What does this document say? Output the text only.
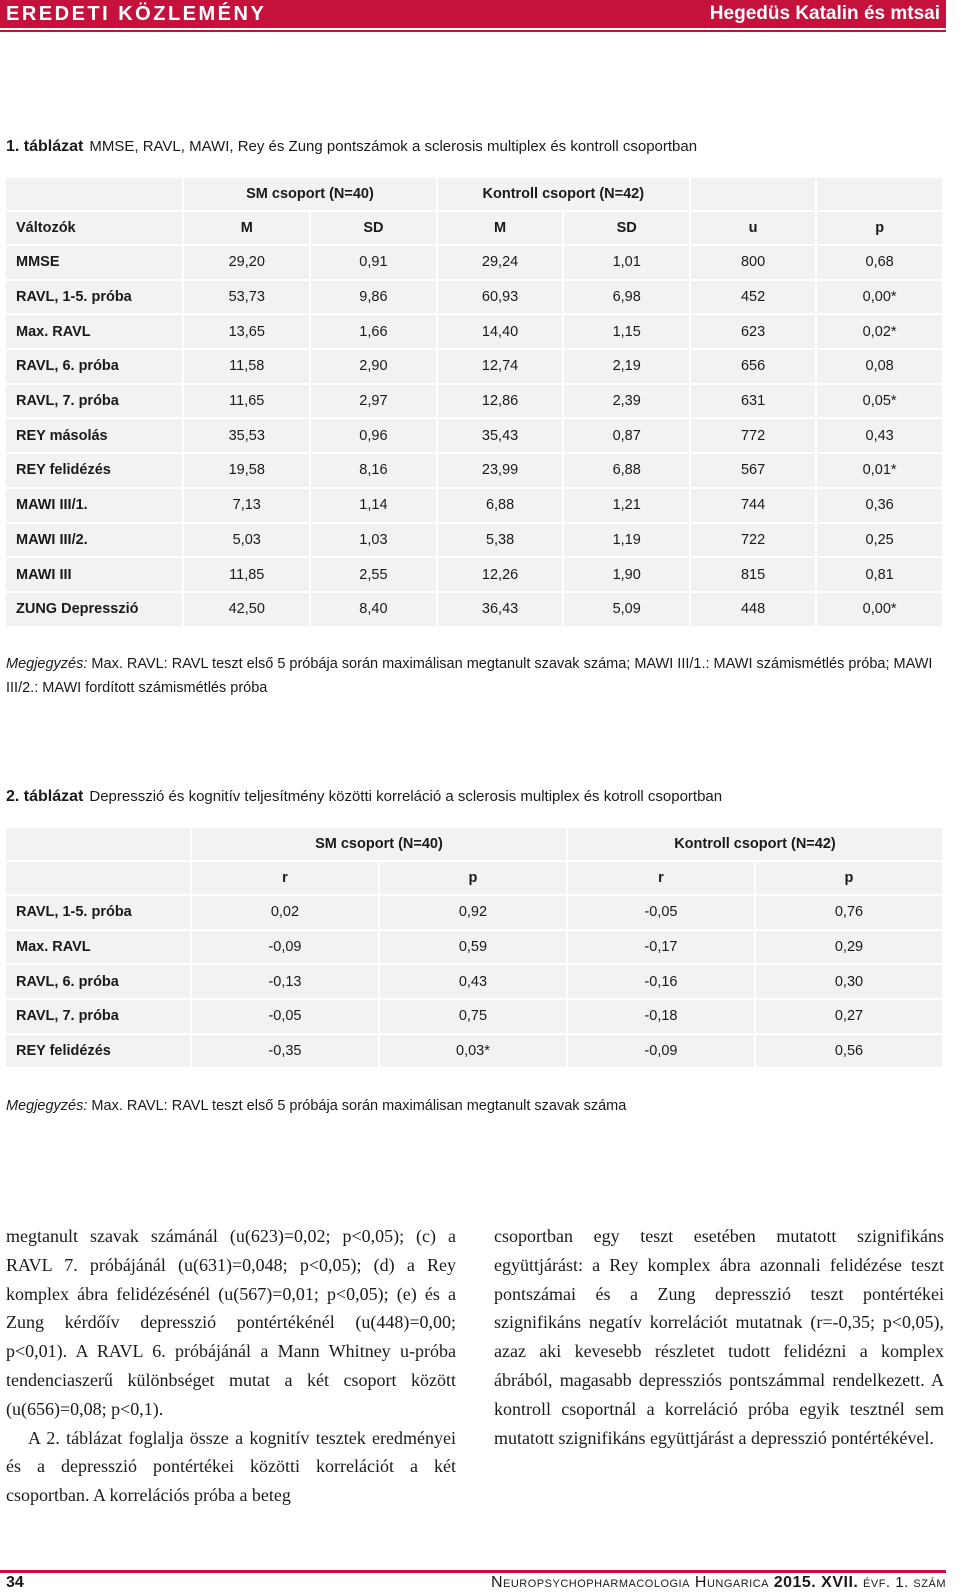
EREDETI KÖZLEMÉNY	Hegedüs Katalin és mtsai
1. táblázat MMSE, RAVL, MAWI, Rey és Zung pontszámok a sclerosis multiplex és kontroll csoportban
	SM csoport (N=40)		Kontroll csoport (N=42)			
Változók	M	SD	M	SD	u	p
MMSE	29,20	0,91	29,24	1,01	800	0,68
RAVL, 1-5. próba	53,73	9,86	60,93	6,98	452	0,00*
Max. RAVL	13,65	1,66	14,40	1,15	623	0,02*
RAVL, 6. próba	11,58	2,90	12,74	2,19	656	0,08
RAVL, 7. próba	11,65	2,97	12,86	2,39	631	0,05*
REY másolás	35,53	0,96	35,43	0,87	772	0,43
REY felidézés	19,58	8,16	23,99	6,88	567	0,01*
MAWI III/1.	7,13	1,14	6,88	1,21	744	0,36
MAWI III/2.	5,03	1,03	5,38	1,19	722	0,25
MAWI III	11,85	2,55	12,26	1,90	815	0,81
ZUNG Depresszió	42,50	8,40	36,43	5,09	448	0,00*
Megjegyzés: Max. RAVL: RAVL teszt első 5 próbája során maximálisan megtanult szavak száma; MAWI III/1.: MAWI számismétlés próba; MAWI III/2.: MAWI fordított számismétlés próba
2. táblázat Depresszió és kognitív teljesítmény közötti korreláció a sclerosis multiplex és kotroll csoportban
	SM csoport (N=40)		Kontroll csoport (N=42)	
	r	p	r	p
RAVL, 1-5. próba	0,02	0,92	-0,05	0,76
Max. RAVL	-0,09	0,59	-0,17	0,29
RAVL, 6. próba	-0,13	0,43	-0,16	0,30
RAVL, 7. próba	-0,05	0,75	-0,18	0,27
REY felidézés	-0,35	0,03*	-0,09	0,56
Megjegyzés: Max. RAVL: RAVL teszt első 5 próbája során maximálisan megtanult szavak száma

megtanult szavak számánál (u(623)=0,02; p<0,05); (c) a RAVL 7. próbájánál (u(631)=0,048; p<0,05); (d) a Rey komplex ábra felidézésénél (u(567)=0,01; p<0,05); (e) és a Zung kérdőív depresszió pontértékénél (u(448)=0,00; p<0,01). A RAVL 6. próbájánál a Mann Whitney u-próba tendenciaszerű különbséget mutat a két csoport között (u(656)=0,08; p<0,1).

A 2. táblázat foglalja össze a kognitív tesztek eredményei és a depresszió pontértékei közötti korrelációt a két csoportban. A korrelációs próba a beteg

csoportban egy teszt esetében mutatott szignifikáns együttjárást: a Rey komplex ábra azonnali felidézése teszt pontszámai és a Zung depresszió teszt pontértékei szignifikáns negatív korrelációt mutatnak (r=-0,35; p<0,05), azaz aki kevesebb részletet tudott felidézni a komplex ábrából, magasabb depressziós pontszámmal rendelkezett. A kontroll csoportnál a korreláció próba egyik tesztnél sem mutatott szignifikáns együttjárást a depresszió pontértékével.

34	Neuropsychopharmacologia Hungarica 2015. XVII. évf. 1. szám
